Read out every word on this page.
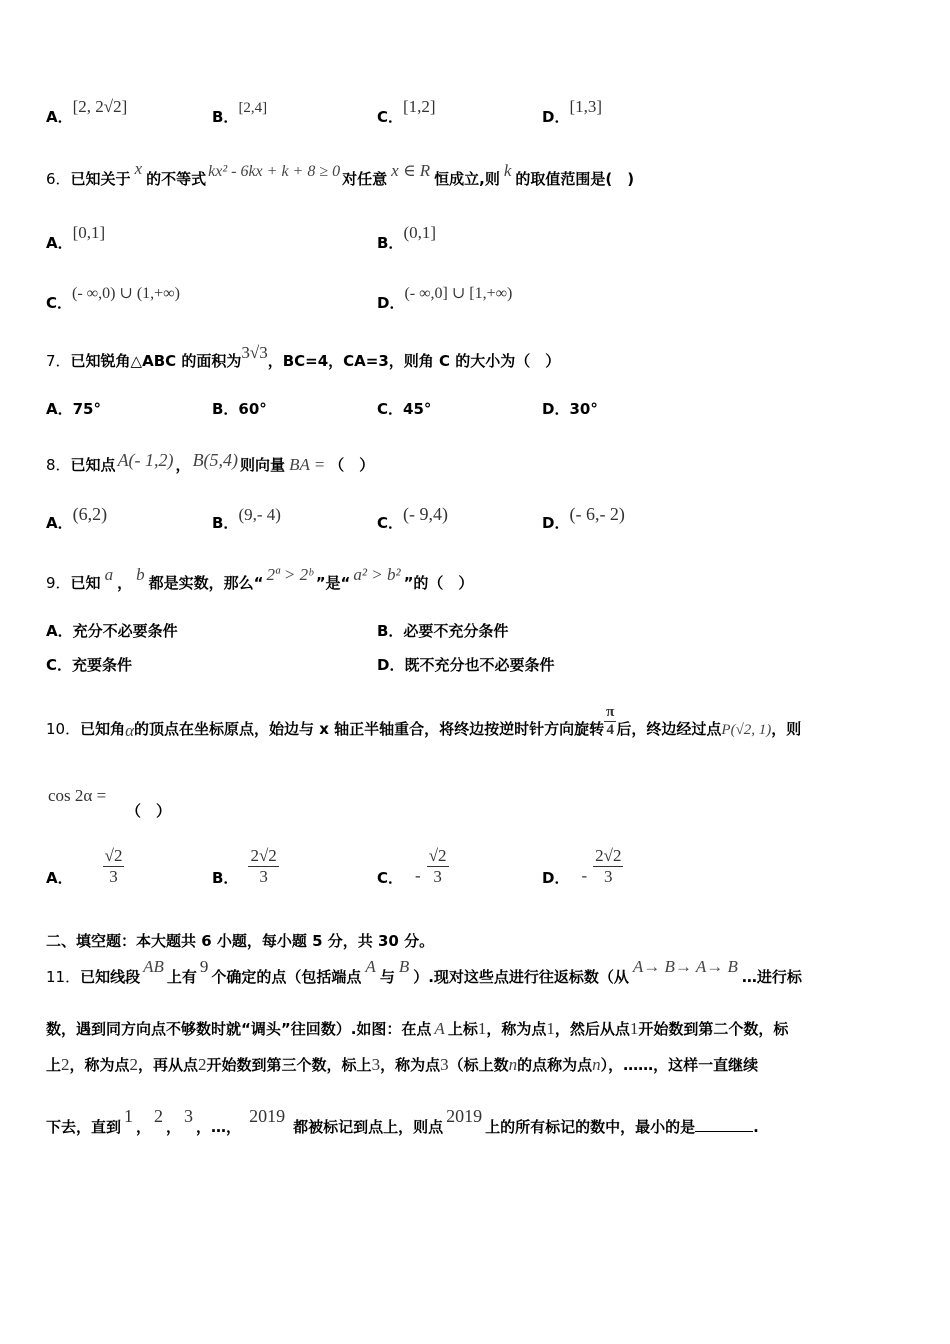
A．[2, 2√2]
B．[2,4]	C．[1,2]
D．[1,3]
6．已知关于x的不等式 kx² - 6kx + k + 8 ≥ 0 对任意 x ∈ R 恒成立,则 k 的取值范围是(　)
A．[0,1]
B．(0,1]
C．(- ∞,0) ∪ (1,+∞)
D．(- ∞,0] ∪ [1,+∞)
7．已知锐角△ABC 的面积为3√3，BC=4，CA=3，则角 C 的大小为（　）
A．75°	B．60°	C．45°	D．30°
8．已知点 A(- 1,2) ， B(5,4) 则向量 BA = （　）
A．(6,2)	B．(9,- 4)	C．(- 9,4)	D．(- 6,- 2)
9．已知 a ， b 都是实数，那么“ 2ª > 2ᵇ ”是“ a² > b² ”的（　）
A．充分不必要条件	B．必要不充分条件
C．充要条件	D．既不充分也不必要条件
10．已知角α的顶点在坐标原点，始边与 x 轴正半轴重合，将终边按逆时针方向旋转 $\frac{\pi}{4}$ 后，终边经过点P(√2, 1)，则
cos 2α =
（　）
A． $\frac{√2}{3}$	B． $\frac{2√2}{3}$	C． - $\frac{√2}{3}$	D． - $\frac{2√2}{3}$
二、填空题：本大题共 6 小题，每小题 5 分，共 30 分。
11．已知线段AB上有9个确定的点（包括端点A与B）.现对这些点进行往返标数（从A→ B→ A→ B…进行标
数，遇到同方向点不够数时就“调头”往回数）.如图：在点 A 上标1，称为点1，然后从点1开始数到第二个数，标
上2，称为点2，再从点2开始数到第三个数，标上3，称为点3（标上数n的点称为点n），……，这样一直继续
下去，直到1，2，3，…，2019都被标记到点上，则点2019上的所有标记的数中，最小的是	.
